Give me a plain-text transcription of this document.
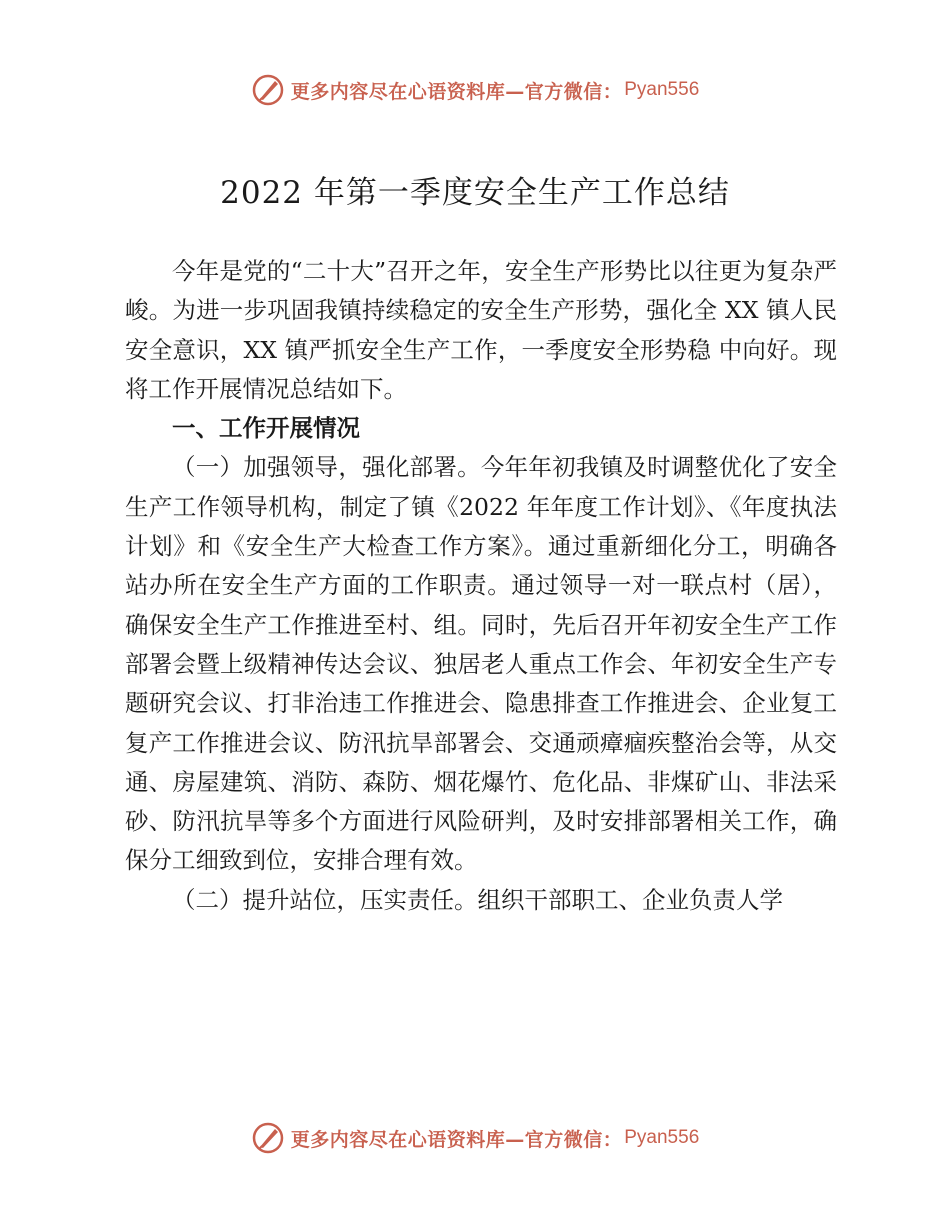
更多内容尽在心语资料库—官方微信： Pyan556
2022 年第一季度安全生产工作总结

今年是党的“二十大”召开之年，安全生产形势比以往更为复杂严峻。为进一步巩固我镇持续稳定的安全生产形势，强化全 XX 镇人民安全意识，XX 镇严抓安全生产工作，一季度安全形势稳 中向好。现将工作开展情况总结如下。

一、工作开展情况

（一）加强领导，强化部署。今年年初我镇及时调整优化了安全生产工作领导机构，制定了镇《2022 年年度工作计划》、《年度执法计划》和《安全生产大检查工作方案》。通过重新细化分工，明确各站办所在安全生产方面的工作职责。通过领导一对一联点村（居），确保安全生产工作推进至村、组。同时，先后召开年初安全生产工作部署会暨上级精神传达会议、独居老人重点工作会、年初安全生产专题研究会议、打非治违工作推进会、隐患排查工作推进会、企业复工复产工作推进会议、防汛抗旱部署会、交通顽瘴痼疾整治会等，从交通、房屋建筑、消防、森防、烟花爆竹、危化品、非煤矿山、非法采砂、防汛抗旱等多个方面进行风险研判，及时安排部署相关工作，确保分工细致到位，安排合理有效。

（二）提升站位，压实责任。组织干部职工、企业负责人学

更多内容尽在心语资料库—官方微信： Pyan556
